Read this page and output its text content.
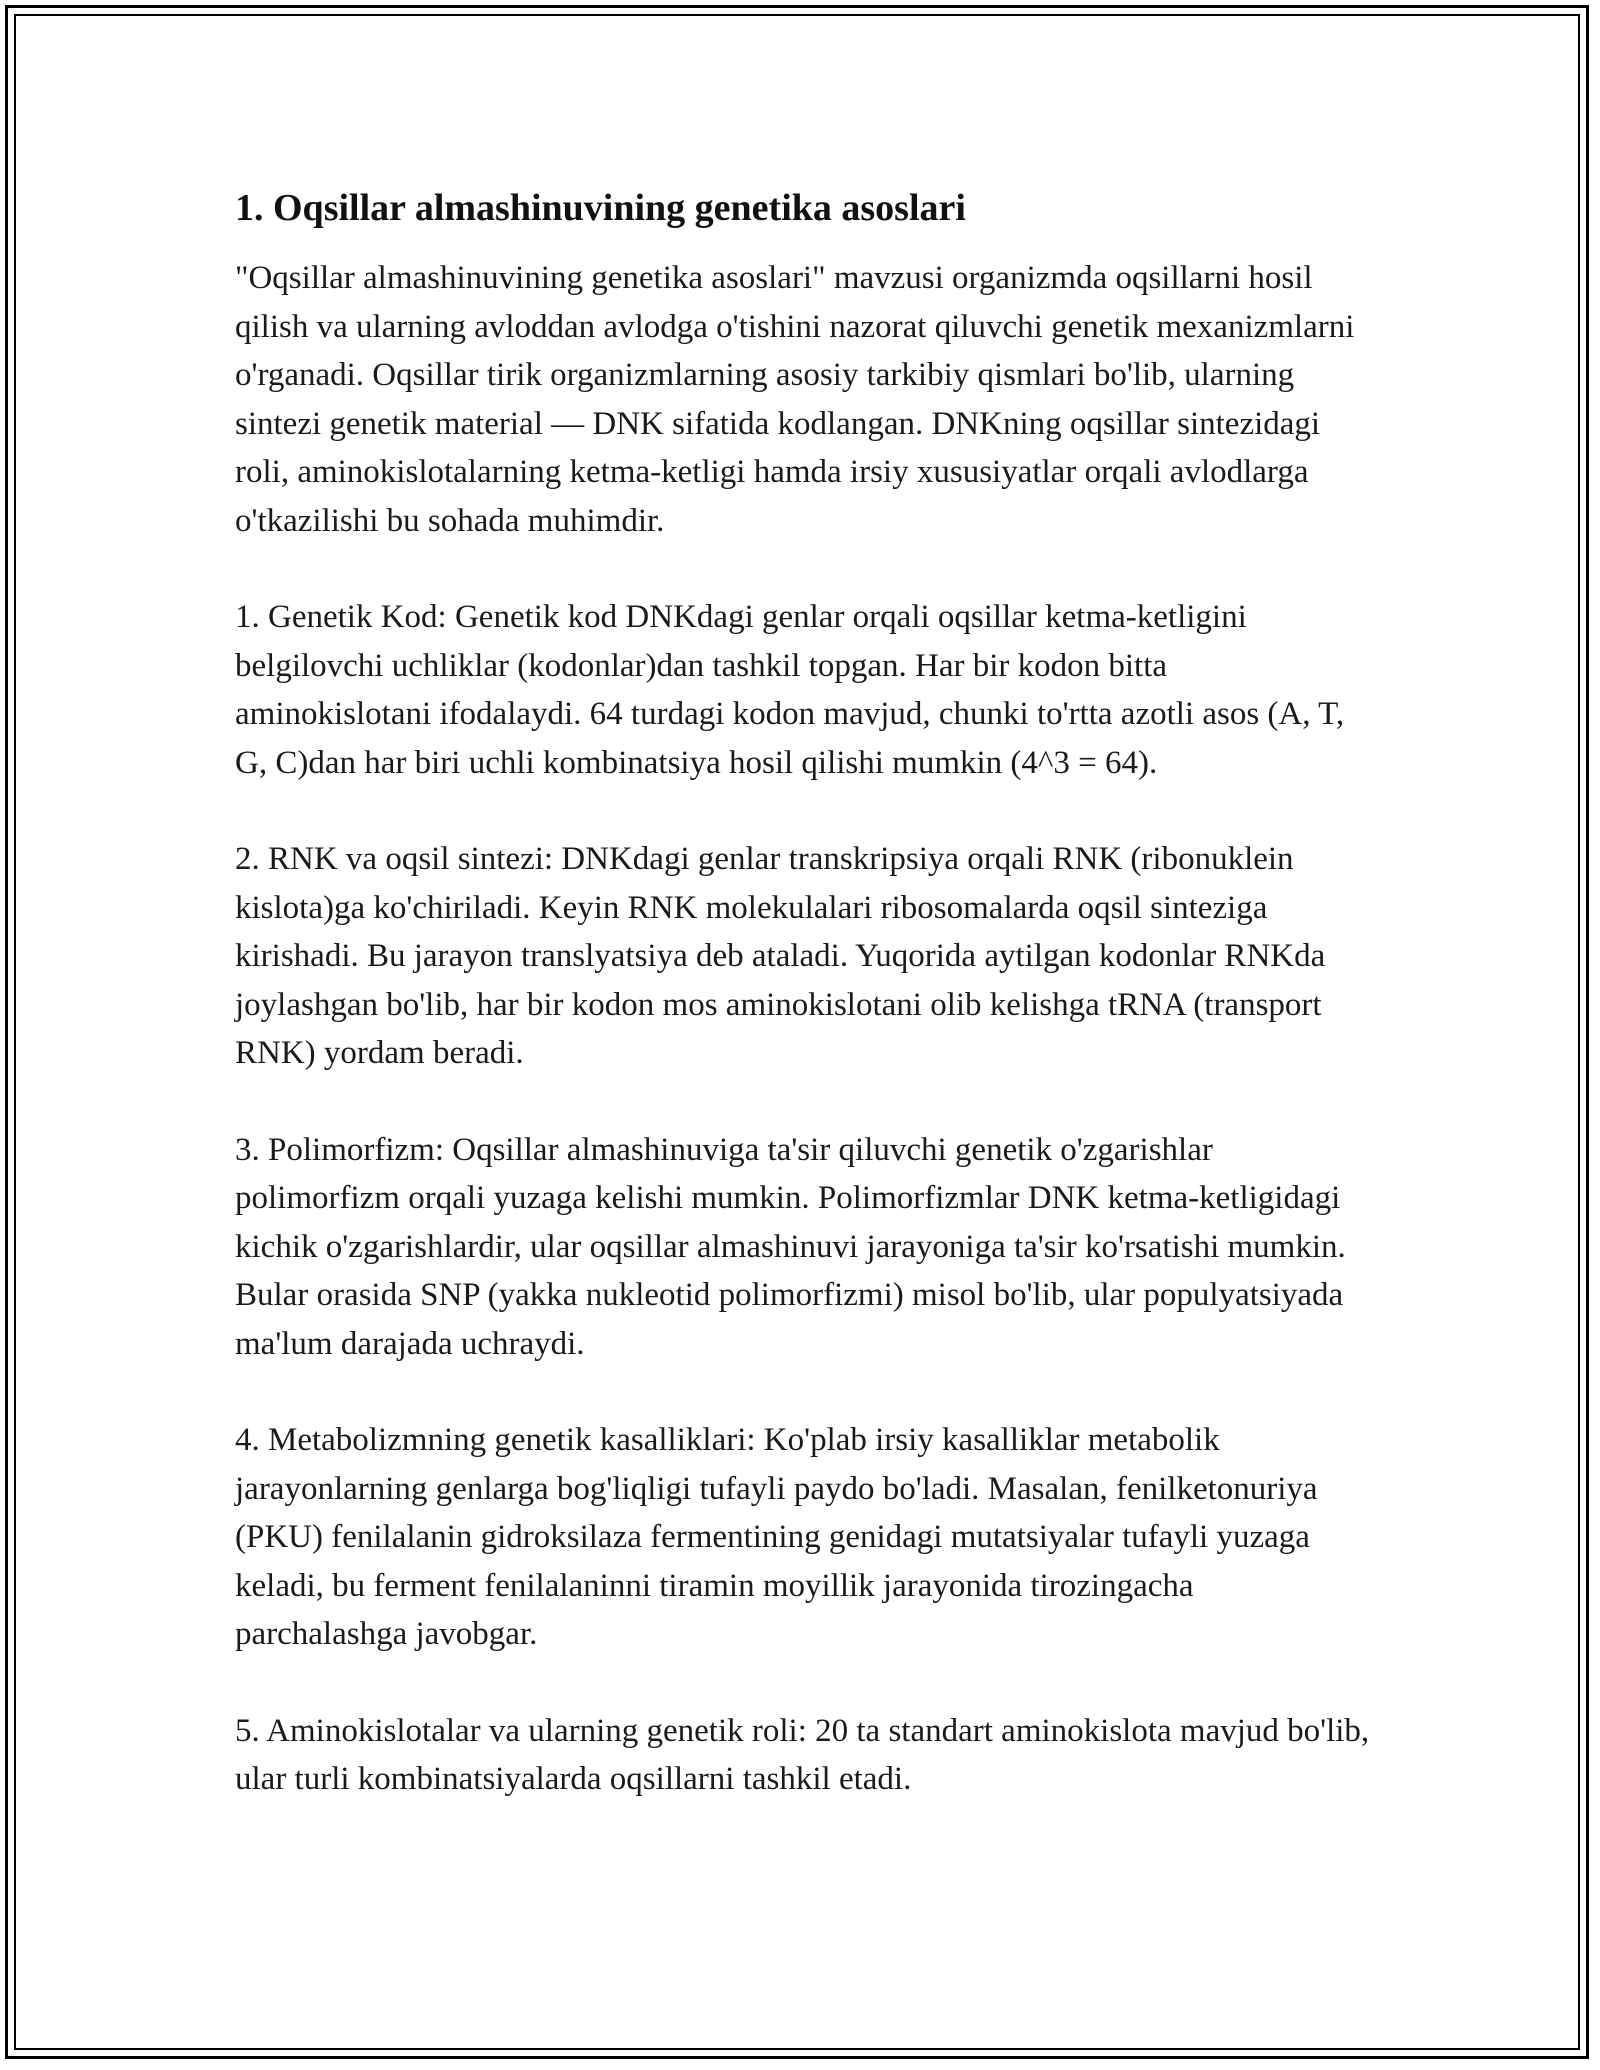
1. Oqsillar almashinuvining genetika asoslari

"Oqsillar almashinuvining genetika asoslari" mavzusi organizmda oqsillarni hosil qilish va ularning avloddan avlodga o'tishini nazorat qiluvchi genetik mexanizmlarni o'rganadi. Oqsillar tirik organizmlarning asosiy tarkibiy qismlari bo'lib, ularning sintezi genetik material — DNK sifatida kodlangan. DNKning oqsillar sintezidagi roli, aminokislotalarning ketma-ketligi hamda irsiy xususiyatlar orqali avlodlarga o'tkazilishi bu sohada muhimdir.

1. Genetik Kod: Genetik kod DNKdagi genlar orqali oqsillar ketma-ketligini belgilovchi uchliklar (kodonlar)dan tashkil topgan. Har bir kodon bitta aminokislotani ifodalaydi. 64 turdagi kodon mavjud, chunki to'rtta azotli asos (A, T, G, C)dan har biri uchli kombinatsiya hosil qilishi mumkin (4^3 = 64).

2. RNK va oqsil sintezi: DNKdagi genlar transkripsiya orqali RNK (ribonuklein kislota)ga ko'chiriladi. Keyin RNK molekulalari ribosomalarda oqsil sinteziga kirishadi. Bu jarayon translyatsiya deb ataladi. Yuqorida aytilgan kodonlar RNKda joylashgan bo'lib, har bir kodon mos aminokislotani olib kelishga tRNA (transport RNK) yordam beradi.

3. Polimorfizm: Oqsillar almashinuviga ta'sir qiluvchi genetik o'zgarishlar polimorfizm orqali yuzaga kelishi mumkin. Polimorfizmlar DNK ketma-ketligidagi kichik o'zgarishlardir, ular oqsillar almashinuvi jarayoniga ta'sir ko'rsatishi mumkin. Bular orasida SNP (yakka nukleotid polimorfizmi) misol bo'lib, ular populyatsiyada ma'lum darajada uchraydi.

4. Metabolizmning genetik kasalliklari: Ko'plab irsiy kasalliklar metabolik jarayonlarning genlarga bog'liqligi tufayli paydo bo'ladi. Masalan, fenilketonuriya (PKU) fenilalanin gidroksilaza fermentining genidagi mutatsiyalar tufayli yuzaga keladi, bu ferment fenilalaninni tiramin moyillik jarayonida tirozingacha parchalashga javobgar.

5. Aminokislotalar va ularning genetik roli: 20 ta standart aminokislota mavjud bo'lib, ular turli kombinatsiyalarda oqsillarni tashkil etadi.
